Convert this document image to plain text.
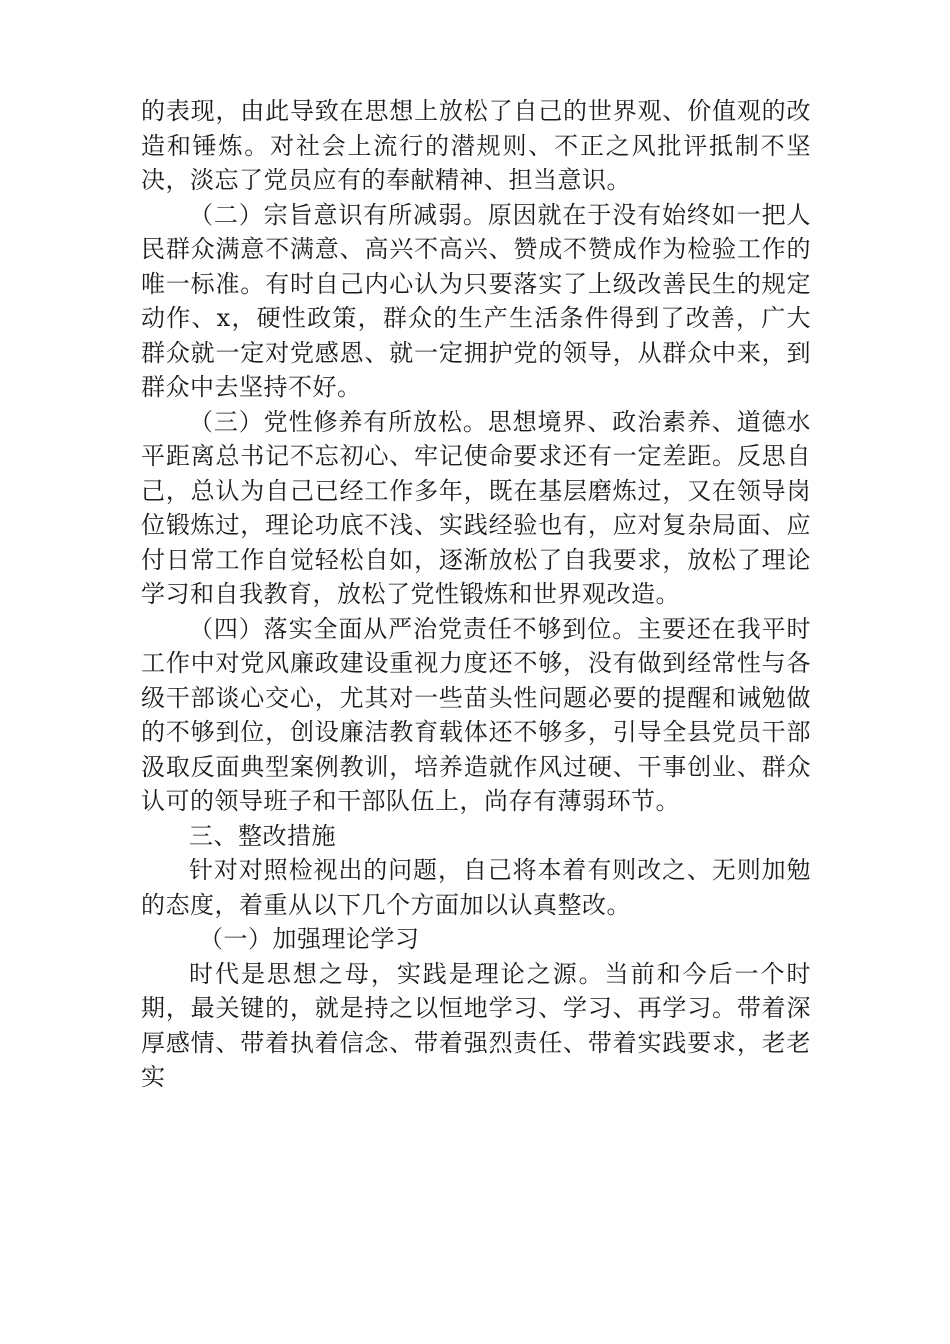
的表现，由此导致在思想上放松了自己的世界观、价值观的改造和锤炼。对社会上流行的潜规则、不正之风批评抵制不坚决，淡忘了党员应有的奉献精神、担当意识。

（二）宗旨意识有所减弱。原因就在于没有始终如一把人民群众满意不满意、高兴不高兴、赞成不赞成作为检验工作的唯一标准。有时自己内心认为只要落实了上级改善民生的规定动作、x，硬性政策，群众的生产生活条件得到了改善，广大群众就一定对党感恩、就一定拥护党的领导，从群众中来，到群众中去坚持不好。

（三）党性修养有所放松。思想境界、政治素养、道德水平距离总书记不忘初心、牢记使命要求还有一定差距。反思自己，总认为自己已经工作多年，既在基层磨炼过，又在领导岗位锻炼过，理论功底不浅、实践经验也有，应对复杂局面、应付日常工作自觉轻松自如，逐渐放松了自我要求，放松了理论学习和自我教育，放松了党性锻炼和世界观改造。

（四）落实全面从严治党责任不够到位。主要还在我平时工作中对党风廉政建设重视力度还不够，没有做到经常性与各级干部谈心交心，尤其对一些苗头性问题必要的提醒和诫勉做的不够到位，创设廉洁教育载体还不够多，引导全县党员干部汲取反面典型案例教训，培养造就作风过硬、干事创业、群众认可的领导班子和干部队伍上，尚存有薄弱环节。

三、整改措施

针对对照检视出的问题，自己将本着有则改之、无则加勉的态度，着重从以下几个方面加以认真整改。

（一）加强理论学习

时代是思想之母，实践是理论之源。当前和今后一个时期，最关键的，就是持之以恒地学习、学习、再学习。带着深厚感情、带着执着信念、带着强烈责任、带着实践要求，老老实
